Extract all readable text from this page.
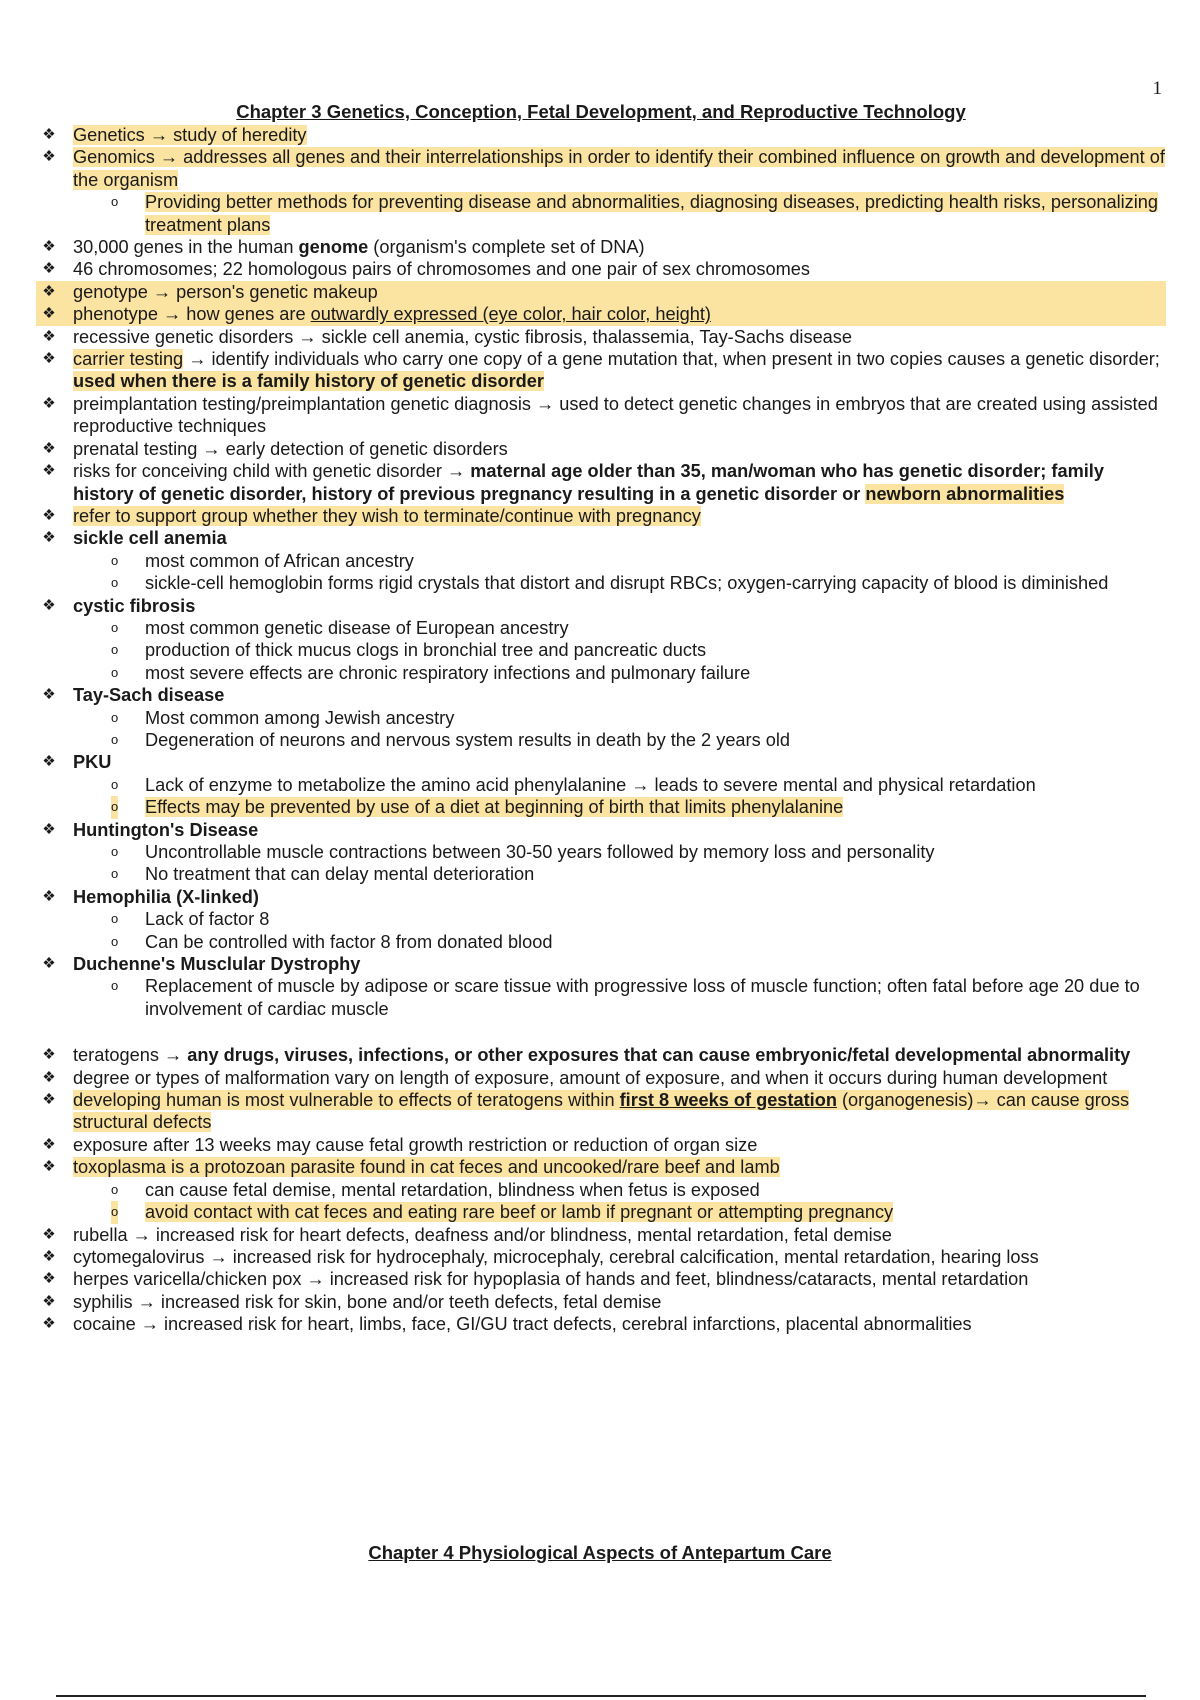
1
Chapter 3 Genetics, Conception, Fetal Development, and Reproductive Technology
❖ Genetics → study of heredity
❖ Genomics → addresses all genes and their interrelationships in order to identify their combined influence on growth and development of the organism
o Providing better methods for preventing disease and abnormalities, diagnosing diseases, predicting health risks, personalizing treatment plans
❖ 30,000 genes in the human genome (organism's complete set of DNA)
❖ 46 chromosomes; 22 homologous pairs of chromosomes and one pair of sex chromosomes
❖ genotype → person's genetic makeup
❖ phenotype → how genes are outwardly expressed (eye color, hair color, height)
❖ recessive genetic disorders → sickle cell anemia, cystic fibrosis, thalassemia, Tay-Sachs disease
❖ carrier testing → identify individuals who carry one copy of a gene mutation that, when present in two copies causes a genetic disorder; used when there is a family history of genetic disorder
❖ preimplantation testing/preimplantation genetic diagnosis → used to detect genetic changes in embryos that are created using assisted reproductive techniques
❖ prenatal testing → early detection of genetic disorders
❖ risks for conceiving child with genetic disorder → maternal age older than 35, man/woman who has genetic disorder; family history of genetic disorder, history of previous pregnancy resulting in a genetic disorder or newborn abnormalities
❖ refer to support group whether they wish to terminate/continue with pregnancy
❖ sickle cell anemia
o most common of African ancestry
o sickle-cell hemoglobin forms rigid crystals that distort and disrupt RBCs; oxygen-carrying capacity of blood is diminished
❖ cystic fibrosis
o most common genetic disease of European ancestry
o production of thick mucus clogs in bronchial tree and pancreatic ducts
o most severe effects are chronic respiratory infections and pulmonary failure
❖ Tay-Sach disease
o Most common among Jewish ancestry
o Degeneration of neurons and nervous system results in death by the 2 years old
❖ PKU
o Lack of enzyme to metabolize the amino acid phenylalanine → leads to severe mental and physical retardation
o Effects may be prevented by use of a diet at beginning of birth that limits phenylalanine
❖ Huntington's Disease
o Uncontrollable muscle contractions between 30-50 years followed by memory loss and personality
o No treatment that can delay mental deterioration
❖ Hemophilia (X-linked)
o Lack of factor 8
o Can be controlled with factor 8 from donated blood
❖ Duchenne's Musclular Dystrophy
o Replacement of muscle by adipose or scare tissue with progressive loss of muscle function; often fatal before age 20 due to involvement of cardiac muscle
❖ teratogens → any drugs, viruses, infections, or other exposures that can cause embryonic/fetal developmental abnormality
❖ degree or types of malformation vary on length of exposure, amount of exposure, and when it occurs during human development
❖ developing human is most vulnerable to effects of teratogens within first 8 weeks of gestation (organogenesis)→ can cause gross structural defects
❖ exposure after 13 weeks may cause fetal growth restriction or reduction of organ size
❖ toxoplasma is a protozoan parasite found in cat feces and uncooked/rare beef and lamb
o can cause fetal demise, mental retardation, blindness when fetus is exposed
o avoid contact with cat feces and eating rare beef or lamb if pregnant or attempting pregnancy
❖ rubella → increased risk for heart defects, deafness and/or blindness, mental retardation, fetal demise
❖ cytomegalovirus → increased risk for hydrocephaly, microcephaly, cerebral calcification, mental retardation, hearing loss
❖ herpes varicella/chicken pox → increased risk for hypoplasia of hands and feet, blindness/cataracts, mental retardation
❖ syphilis → increased risk for skin, bone and/or teeth defects, fetal demise
❖ cocaine → increased risk for heart, limbs, face, GI/GU tract defects, cerebral infarctions, placental abnormalities
Chapter 4 Physiological Aspects of Antepartum Care
